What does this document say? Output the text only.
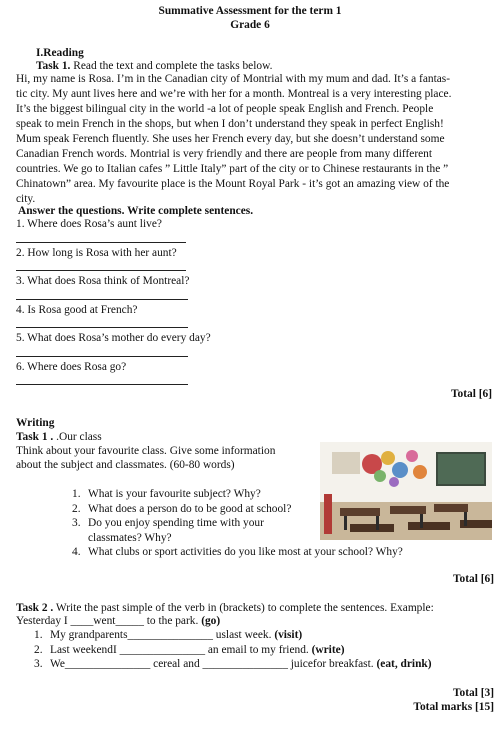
Summative Assessment for the term 1
Grade 6
I.Reading
Task 1. Read the text and complete the tasks below.
Hi, my name is Rosa. I’m in the Canadian city of Montrial with my mum and dad. It’s a fantas-
tic city. My aunt lives here and we’re with her for a month. Montreal is a very interesting place.
It’s the biggest bilingual city in the world -a lot of people speak English and French. People
speak to mein French in the shops, but when I don’t understand they speak in perfect English!
Mum speak Ferench fluently. She uses her French every day, but she doesn’t understand some
Canadian French words. Montrial is very friendly and there are people from many different
countries. We go to Italian cafes ” Little Italy” part of the city or to Chinese restaurants in the ”
Chinatown” area. My favourite place is the Mount Royal Park - it’s got an amazing view of the
city.
Answer the questions. Write complete sentences.
1. Where does Rosa’s aunt live?
2. How long is Rosa with her aunt?
3. What does Rosa think of Montreal?
4. Is Rosa good at French?
5. What does Rosa’s mother do every day?
6. Where does Rosa go?
Total [6]
Writing
Task 1 . .Our class
Think about your favourite class. Give some information
about the subject and classmates. (60-80 words)
1. What is your favourite subject? Why?
2. What does a person do to be good at school?
3. Do you enjoy spending time with your
classmates? Why?
4. What clubs or sport activities do you like most at your school? Why?
Total [6]
Task 2 . Write the past simple of the verb in (brackets) to complete the sentences. Example:
Yesterday I ____went_____ to the park. (go)
1. My grandparents_______________ uslast week. (visit)
2. Last weekendI _______________ an email to my friend. (write)
3. We_______________ cereal and _______________ juicefor breakfast. (eat, drink)
Total [3]
Total marks [15]
